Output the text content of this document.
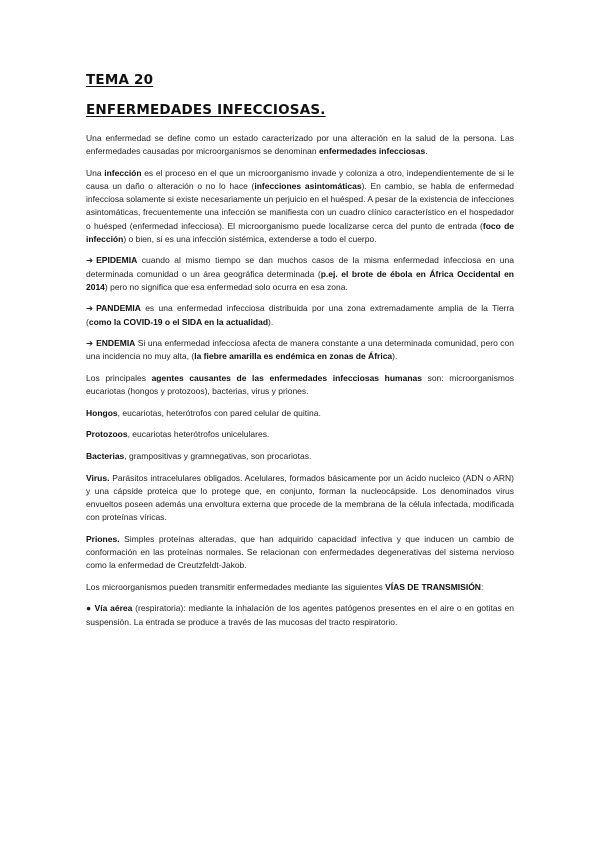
TEMA 20
ENFERMEDADES INFECCIOSAS.

Una enfermedad se define como un estado caracterizado por una alteración en la salud de la persona. Las enfermedades causadas por microorganismos se denominan enfermedades infecciosas.

Una infección es el proceso en el que un microorganismo invade y coloniza a otro, independientemente de si le causa un daño o alteración o no lo hace (infecciones asintomáticas). En cambio, se habla de enfermedad infecciosa solamente si existe necesariamente un perjuicio en el huésped. A pesar de la existencia de infecciones asintomáticas, frecuentemente una infección se manifiesta con un cuadro clínico característico en el hospedador o huésped (enfermedad infecciosa). El microorganismo puede localizarse cerca del punto de entrada (foco de infección) o bien, si es una infección sistémica, extenderse a todo el cuerpo.

➔ EPIDEMIA cuando al mismo tiempo se dan muchos casos de la misma enfermedad infecciosa en una determinada comunidad o un área geográfica determinada (p.ej. el brote de ébola en África Occidental en 2014) pero no significa que esa enfermedad solo ocurra en esa zona.

➔ PANDEMIA es una enfermedad infecciosa distribuida por una zona extremadamente amplia de la Tierra (como la COVID-19 o el SIDA en la actualidad).

➔ ENDEMIA Si una enfermedad infecciosa afecta de manera constante a una determinada comunidad, pero con una incidencia no muy alta, (la fiebre amarilla es endémica en zonas de África).

Los principales agentes causantes de las enfermedades infecciosas humanas son: microorganismos eucariotas (hongos y protozoos), bacterias, virus y priones.

Hongos, eucariotas, heterótrofos con pared celular de quitina.

Protozoos, eucariotas heterótrofos unicelulares.

Bacterias, grampositivas y gramnegativas, son procariotas.

Virus. Parásitos intracelulares obligados. Acelulares, formados básicamente por un ácido nucleico (ADN o ARN) y una cápside proteica que lo protege que, en conjunto, forman la nucleocápside. Los denominados virus envueltos poseen además una envoltura externa que procede de la membrana de la célula infectada, modificada con proteínas víricas.

Priones. Simples proteínas alteradas, que han adquirido capacidad infectiva y que inducen un cambio de conformación en las proteínas normales. Se relacionan con enfermedades degenerativas del sistema nervioso como la enfermedad de Creutzfeldt-Jakob.

Los microorganismos pueden transmitir enfermedades mediante las siguientes VÍAS DE TRANSMISIÓN:

● Vía aérea (respiratoria): mediante la inhalación de los agentes patógenos presentes en el aire o en gotitas en suspensión. La entrada se produce a través de las mucosas del tracto respiratorio.
